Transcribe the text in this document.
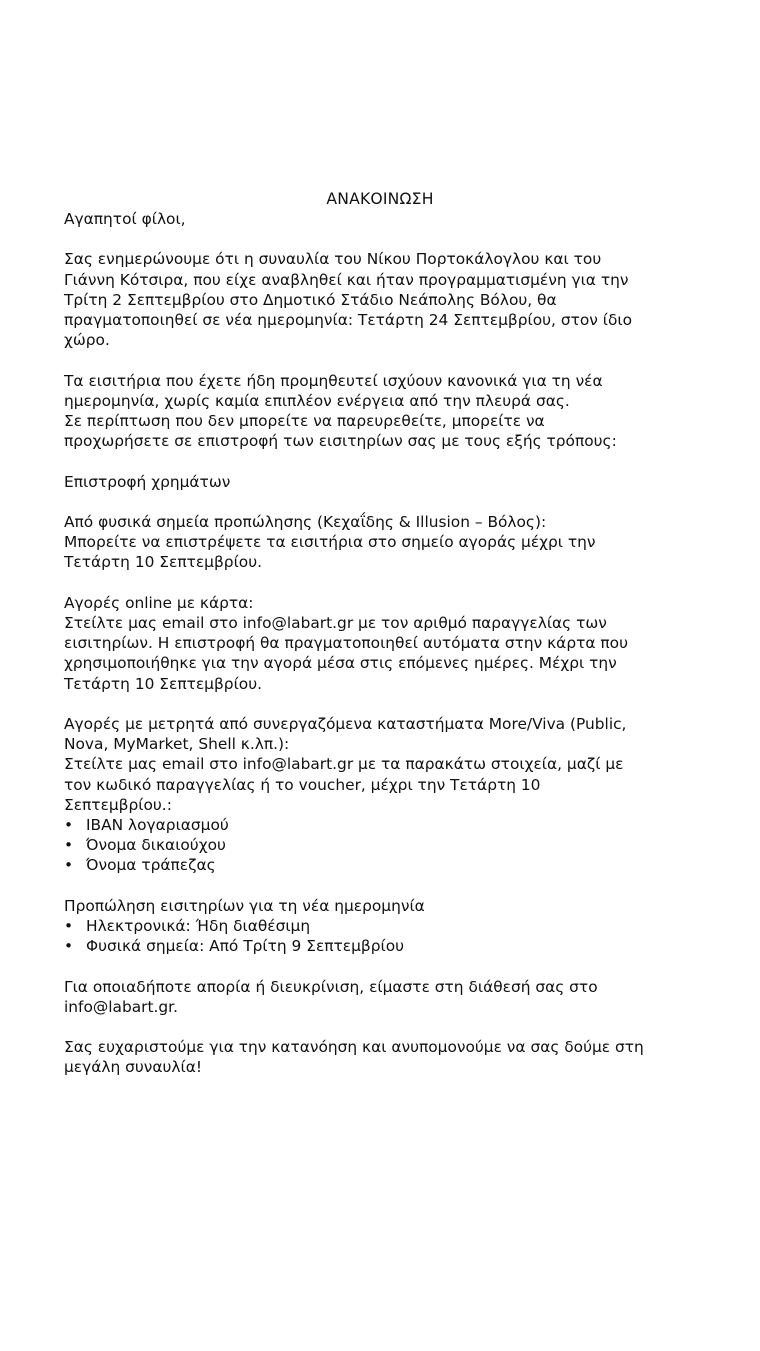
ΑΝΑΚΟΙΝΩΣΗ
Αγαπητοί φίλοι,
Σας ενημερώνουμε ότι η συναυλία του Νίκου Πορτοκάλογλου και του
Γιάννη Κότσιρα, που είχε αναβληθεί και ήταν προγραμματισμένη για την
Τρίτη 2 Σεπτεμβρίου στο Δημοτικό Στάδιο Νεάπολης Βόλου, θα
πραγματοποιηθεί σε νέα ημερομηνία: Τετάρτη 24 Σεπτεμβρίου, στον ίδιο
χώρο.
Τα εισιτήρια που έχετε ήδη προμηθευτεί ισχύουν κανονικά για τη νέα
ημερομηνία, χωρίς καμία επιπλέον ενέργεια από την πλευρά σας.
Σε περίπτωση που δεν μπορείτε να παρευρεθείτε, μπορείτε να
προχωρήσετε σε επιστροφή των εισιτηρίων σας με τους εξής τρόπους:
Επιστροφή χρημάτων
Από φυσικά σημεία προπώλησης (Κεχαΐδης & Illusion – Βόλος):
Μπορείτε να επιστρέψετε τα εισιτήρια στο σημείο αγοράς μέχρι την
Τετάρτη 10 Σεπτεμβρίου.
Αγορές online με κάρτα:
Στείλτε μας email στο info@labart.gr με τον αριθμό παραγγελίας των
εισιτηρίων. Η επιστροφή θα πραγματοποιηθεί αυτόματα στην κάρτα που
χρησιμοποιήθηκε για την αγορά μέσα στις επόμενες ημέρες. Μέχρι την
Τετάρτη 10 Σεπτεμβρίου.
Αγορές με μετρητά από συνεργαζόμενα καταστήματα More/Viva (Public,
Nova, MyMarket, Shell κ.λπ.):
Στείλτε μας email στο info@labart.gr με τα παρακάτω στοιχεία, μαζί με
τον κωδικό παραγγελίας ή το voucher, μέχρι την Τετάρτη 10
Σεπτεμβρίου.:
• IBAN λογαριασμού
• Όνομα δικαιούχου
• Όνομα τράπεζας
Προπώληση εισιτηρίων για τη νέα ημερομηνία
• Ηλεκτρονικά: Ήδη διαθέσιμη
• Φυσικά σημεία: Από Τρίτη 9 Σεπτεμβρίου
Για οποιαδήποτε απορία ή διευκρίνιση, είμαστε στη διάθεσή σας στο
info@labart.gr.
Σας ευχαριστούμε για την κατανόηση και ανυπομονούμε να σας δούμε στη
μεγάλη συναυλία!
